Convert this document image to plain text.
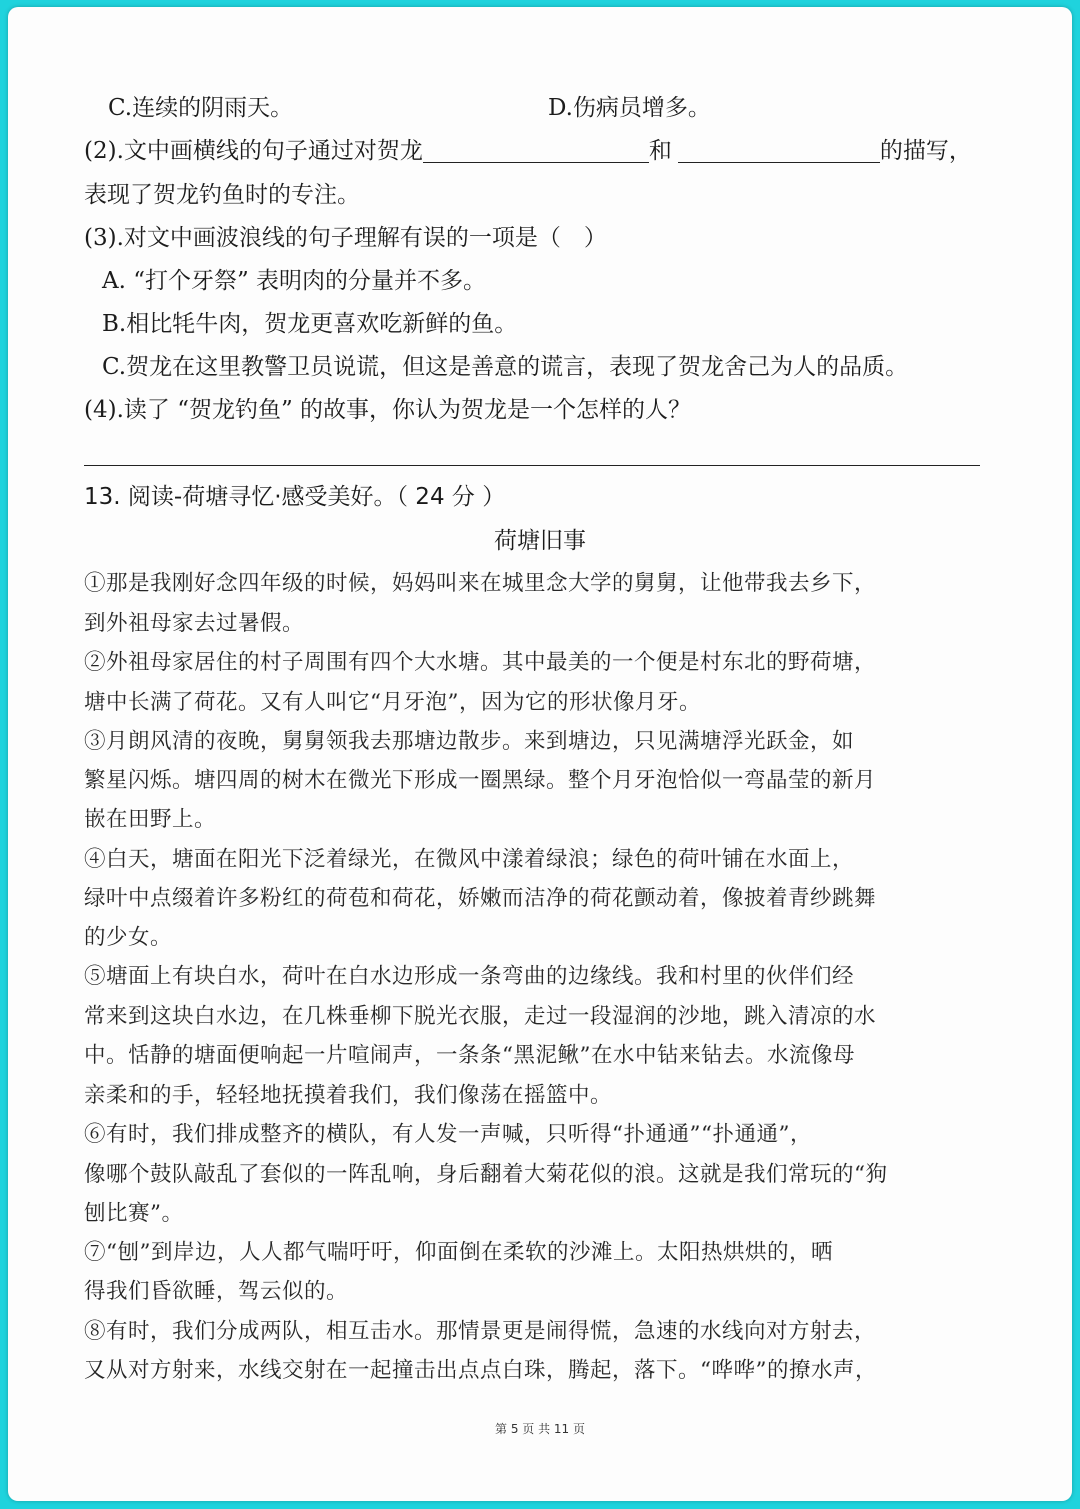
C.连续的阴雨天。	D.伤病员增多。
(2).文中画横线的句子通过对贺龙	和	的描写，
表现了贺龙钓鱼时的专注。
(3).对文中画波浪线的句子理解有误的一项是（　）
A. “打个牙祭” 表明肉的分量并不多。
B.相比牦牛肉，贺龙更喜欢吃新鲜的鱼。
C.贺龙在这里教警卫员说谎，但这是善意的谎言，表现了贺龙舍己为人的品质。
(4).读了 “贺龙钓鱼” 的故事，你认为贺龙是一个怎样的人？
13. 阅读-荷塘寻忆·感受美好。（ 24 分 ）
荷塘旧事
①那是我刚好念四年级的时候，妈妈叫来在城里念大学的舅舅，让他带我去乡下，
到外祖母家去过暑假。
②外祖母家居住的村子周围有四个大水塘。其中最美的一个便是村东北的野荷塘，
塘中长满了荷花。又有人叫它“月牙泡”，因为它的形状像月牙。
③月朗风清的夜晚，舅舅领我去那塘边散步。来到塘边，只见满塘浮光跃金，如
繁星闪烁。塘四周的树木在微光下形成一圈黑绿。整个月牙泡恰似一弯晶莹的新月
嵌在田野上。
④白天，塘面在阳光下泛着绿光，在微风中漾着绿浪；绿色的荷叶铺在水面上，
绿叶中点缀着许多粉红的荷苞和荷花，娇嫩而洁净的荷花颤动着，像披着青纱跳舞
的少女。
⑤塘面上有块白水，荷叶在白水边形成一条弯曲的边缘线。我和村里的伙伴们经
常来到这块白水边，在几株垂柳下脱光衣服，走过一段湿润的沙地，跳入清凉的水
中。恬静的塘面便响起一片喧闹声，一条条“黑泥鳅”在水中钻来钻去。水流像母
亲柔和的手，轻轻地抚摸着我们，我们像荡在摇篮中。
⑥有时，我们排成整齐的横队，有人发一声喊，只听得“扑通通”“扑通通”，
像哪个鼓队敲乱了套似的一阵乱响，身后翻着大菊花似的浪。这就是我们常玩的“狗
刨比赛”。
⑦“刨”到岸边，人人都气喘吁吁，仰面倒在柔软的沙滩上。太阳热烘烘的，晒
得我们昏欲睡，驾云似的。
⑧有时，我们分成两队，相互击水。那情景更是闹得慌，急速的水线向对方射去，
又从对方射来，水线交射在一起撞击出点点白珠，腾起，落下。“哗哗”的撩水声，
第 5 页 共 11 页
